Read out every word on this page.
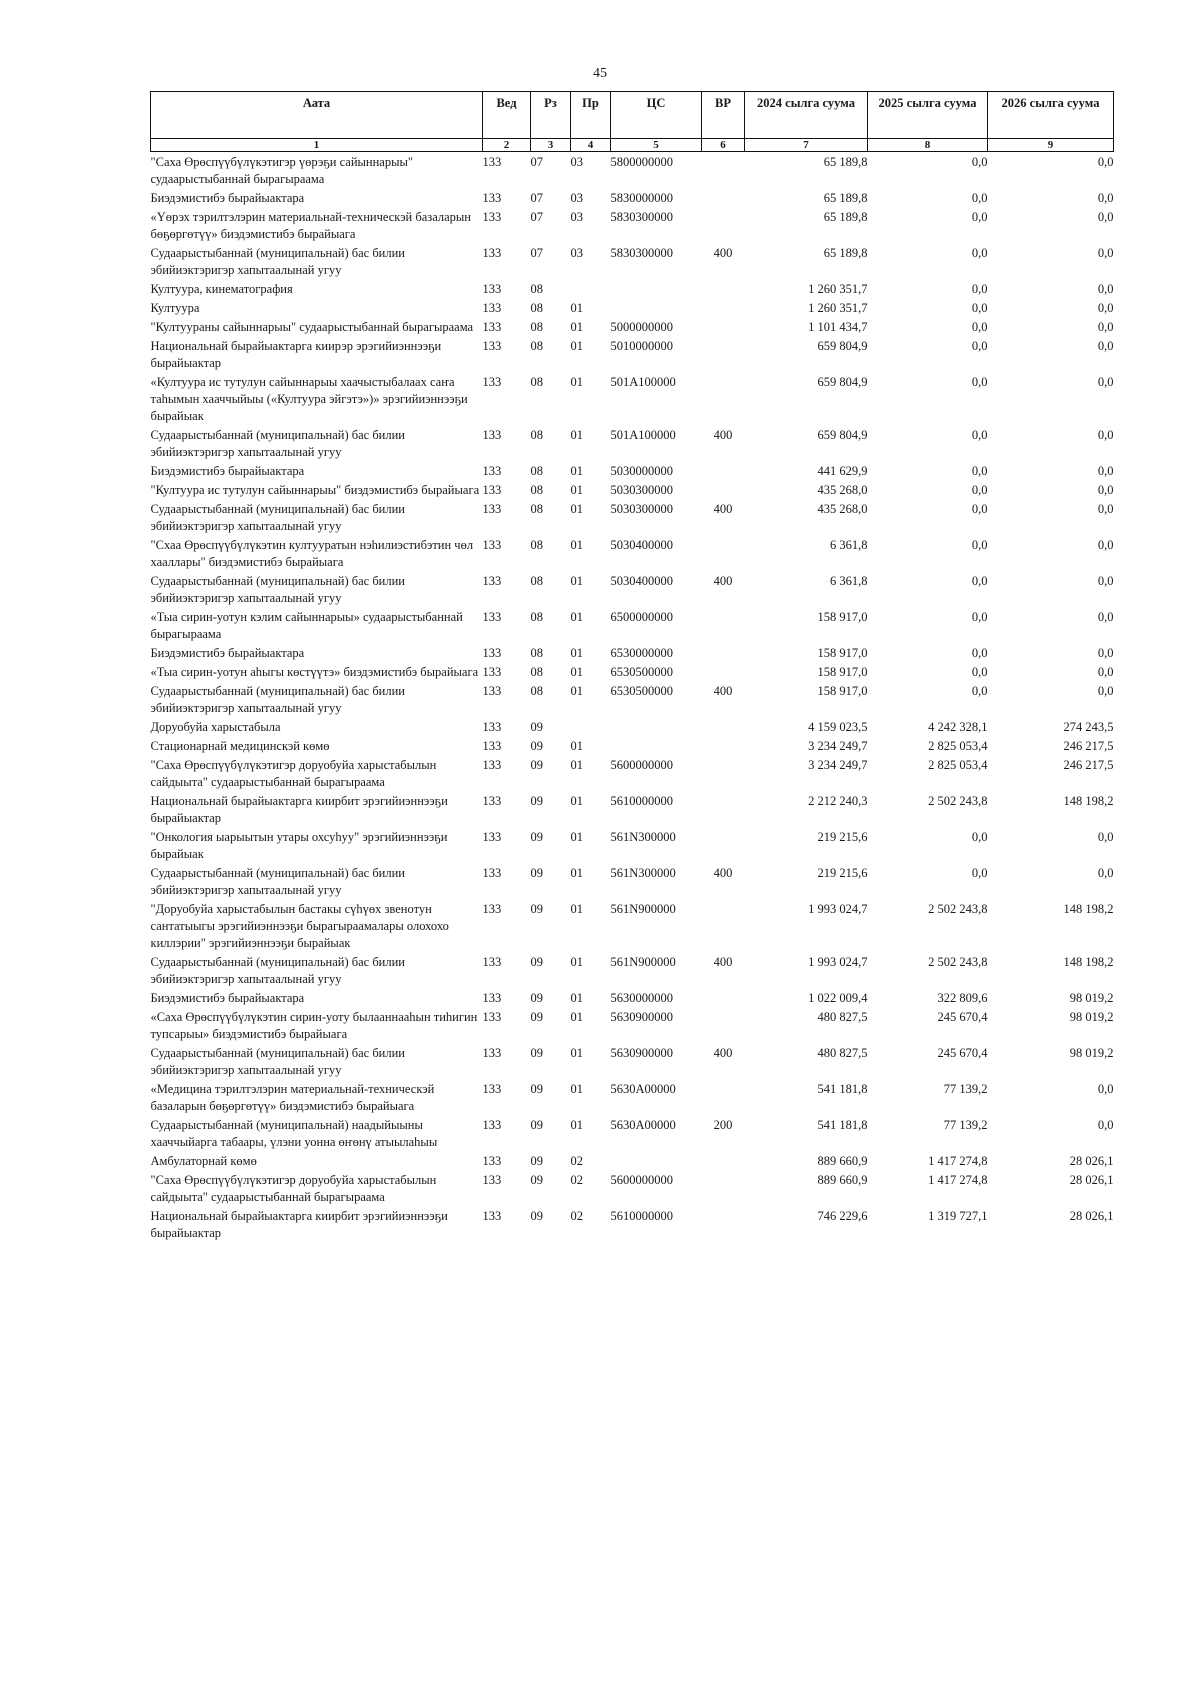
45
Аата	Вед	Рз	Пр	ЦС	ВР	2024 сылга суума	2025 сылга суума	2026 сылга суума
1	2	3	4	5	6	7	8	9
"Саха Өрөспүүбүлүкэтигэр үөрэҕи сайыннарыы" судаарыстыбаннай бырагыраама	133	07	03	5800000000		65 189,8	0,0	0,0
Биэдэмистибэ бырайыактара	133	07	03	5830000000		65 189,8	0,0	0,0
«Үөрэх тэрилтэлэрин материальнай-техническэй базаларын бөҕөргөтүү» биэдэмистибэ бырайыага	133	07	03	5830300000		65 189,8	0,0	0,0
Судаарыстыбаннай (муниципальнай) бас билии эбийиэктэригэр хапытаалынай угуу	133	07	03	5830300000	400	65 189,8	0,0	0,0
Култуура, кинематография	133	08				1 260 351,7	0,0	0,0
Култуура	133	08	01			1 260 351,7	0,0	0,0
"Култуураны сайыннарыы" судаарыстыбаннай бырагыраама	133	08	01	5000000000		1 101 434,7	0,0	0,0
Национальнай бырайыактарга киирэр эрэгийиэннээҕи бырайыактар	133	08	01	5010000000		659 804,9	0,0	0,0
«Култуура ис тутулун сайыннарыы хаачыстыбалаах саҥа таһымын хааччыйыы («Култуура эйгэтэ»)» эрэгийиэннээҕи бырайыак	133	08	01	501A100000		659 804,9	0,0	0,0
Судаарыстыбаннай (муниципальнай) бас билии эбийиэктэригэр хапытаалынай угуу	133	08	01	501A100000	400	659 804,9	0,0	0,0
Биэдэмистибэ бырайыактара	133	08	01	5030000000		441 629,9	0,0	0,0
"Култуура ис тутулун сайыннарыы" биэдэмистибэ бырайыага	133	08	01	5030300000		435 268,0	0,0	0,0
Судаарыстыбаннай (муниципальнай) бас билии эбийиэктэригэр хапытаалынай угуу	133	08	01	5030300000	400	435 268,0	0,0	0,0
"Схаа Өрөспүүбүлүкэтин култууратын нэһилиэстибэтин чөл хааллары" биэдэмистибэ бырайыага	133	08	01	5030400000		6 361,8	0,0	0,0
Судаарыстыбаннай (муниципальнай) бас билии эбийиэктэригэр хапытаалынай угуу	133	08	01	5030400000	400	6 361,8	0,0	0,0
«Тыа сирин-уотун кэлим сайыннарыы» судаарыстыбаннай бырагыраама	133	08	01	6500000000		158 917,0	0,0	0,0
Биэдэмистибэ бырайыактара	133	08	01	6530000000		158 917,0	0,0	0,0
«Тыа сирин-уотун аһыгы көстүүтэ» биэдэмистибэ бырайыага	133	08	01	6530500000		158 917,0	0,0	0,0
Судаарыстыбаннай (муниципальнай) бас билии эбийиэктэригэр хапытаалынай угуу	133	08	01	6530500000	400	158 917,0	0,0	0,0
Доруобуйа харыстабыла	133	09				4 159 023,5	4 242 328,1	274 243,5
Стационарнай медицинскэй көмө	133	09	01			3 234 249,7	2 825 053,4	246 217,5
"Саха Өрөспүүбүлүкэтигэр доруобуйа харыстабылын сайдыыта" судаарыстыбаннай бырагыраама	133	09	01	5600000000		3 234 249,7	2 825 053,4	246 217,5
Национальнай бырайыактарга киирбит эрэгийиэннээҕи бырайыактар	133	09	01	5610000000		2 212 240,3	2 502 243,8	148 198,2
"Онкология ыарыытын утары охсуһуу" эрэгийиэннээҕи бырайыак	133	09	01	561N300000		219 215,6	0,0	0,0
Судаарыстыбаннай (муниципальнай) бас билии эбийиэктэригэр хапытаалынай угуу	133	09	01	561N300000	400	219 215,6	0,0	0,0
"Доруобуйа харыстабылын бастакы сүһүөх звенотун сантатыыгы эрэгийиэннээҕи бырагыраамалары олохохо киллэрии" эрэгийиэннээҕи бырайыак	133	09	01	561N900000		1 993 024,7	2 502 243,8	148 198,2
Судаарыстыбаннай (муниципальнай) бас билии эбийиэктэригэр хапытаалынай угуу	133	09	01	561N900000	400	1 993 024,7	2 502 243,8	148 198,2
Биэдэмистибэ бырайыактара	133	09	01	5630000000		1 022 009,4	322 809,6	98 019,2
«Саха Өрөспүүбүлүкэтин сирин-уоту былааннааһын тиһигин тупсарыы» биэдэмистибэ бырайыага	133	09	01	5630900000		480 827,5	245 670,4	98 019,2
Судаарыстыбаннай (муниципальнай) бас билии эбийиэктэригэр хапытаалынай угуу	133	09	01	5630900000	400	480 827,5	245 670,4	98 019,2
«Медицина тэрилтэлэрин материальнай-техническэй базаларын бөҕөргөтүү» биэдэмистибэ бырайыага	133	09	01	5630A00000		541 181,8	77 139,2	0,0
Судаарыстыбаннай (муниципальнай) наадыйыыны хааччыйарга табаары, үлэни уонна өҥөнү атыылаһыы	133	09	01	5630A00000	200	541 181,8	77 139,2	0,0
Амбулаторнай көмө	133	09	02			889 660,9	1 417 274,8	28 026,1
"Саха Өрөспүүбүлүкэтигэр доруобуйа харыстабылын сайдыыта" судаарыстыбаннай бырагыраама	133	09	02	5600000000		889 660,9	1 417 274,8	28 026,1
Национальнай бырайыактарга киирбит эрэгийиэннээҕи бырайыактар	133	09	02	5610000000		746 229,6	1 319 727,1	28 026,1
